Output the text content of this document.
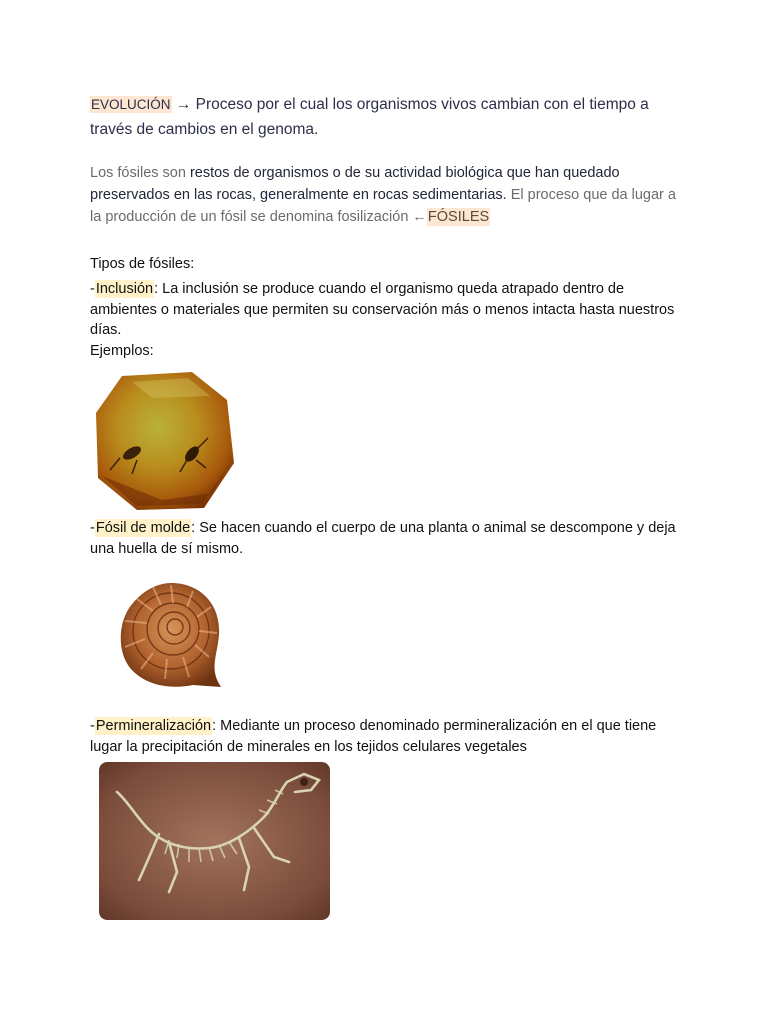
EVOLUCIÓN → Proceso por el cual los organismos vivos cambian con el tiempo a través de cambios en el genoma.
Los fósiles son restos de organismos o de su actividad biológica que han quedado preservados en las rocas, generalmente en rocas sedimentarias. El proceso que da lugar a la producción de un fósil se denomina fosilización ←FÓSILES
Tipos de fósiles:
-Inclusión: La inclusión se produce cuando el organismo queda atrapado dentro de ambientes o materiales que permiten su conservación más o menos intacta hasta nuestros días.
Ejemplos:
-Fósil de molde: Se hacen cuando el cuerpo de una planta o animal se descompone y deja una huella de sí mismo.
-Permineralización: Mediante un proceso denominado permineralización en el que tiene lugar la precipitación de minerales en los tejidos celulares vegetales
